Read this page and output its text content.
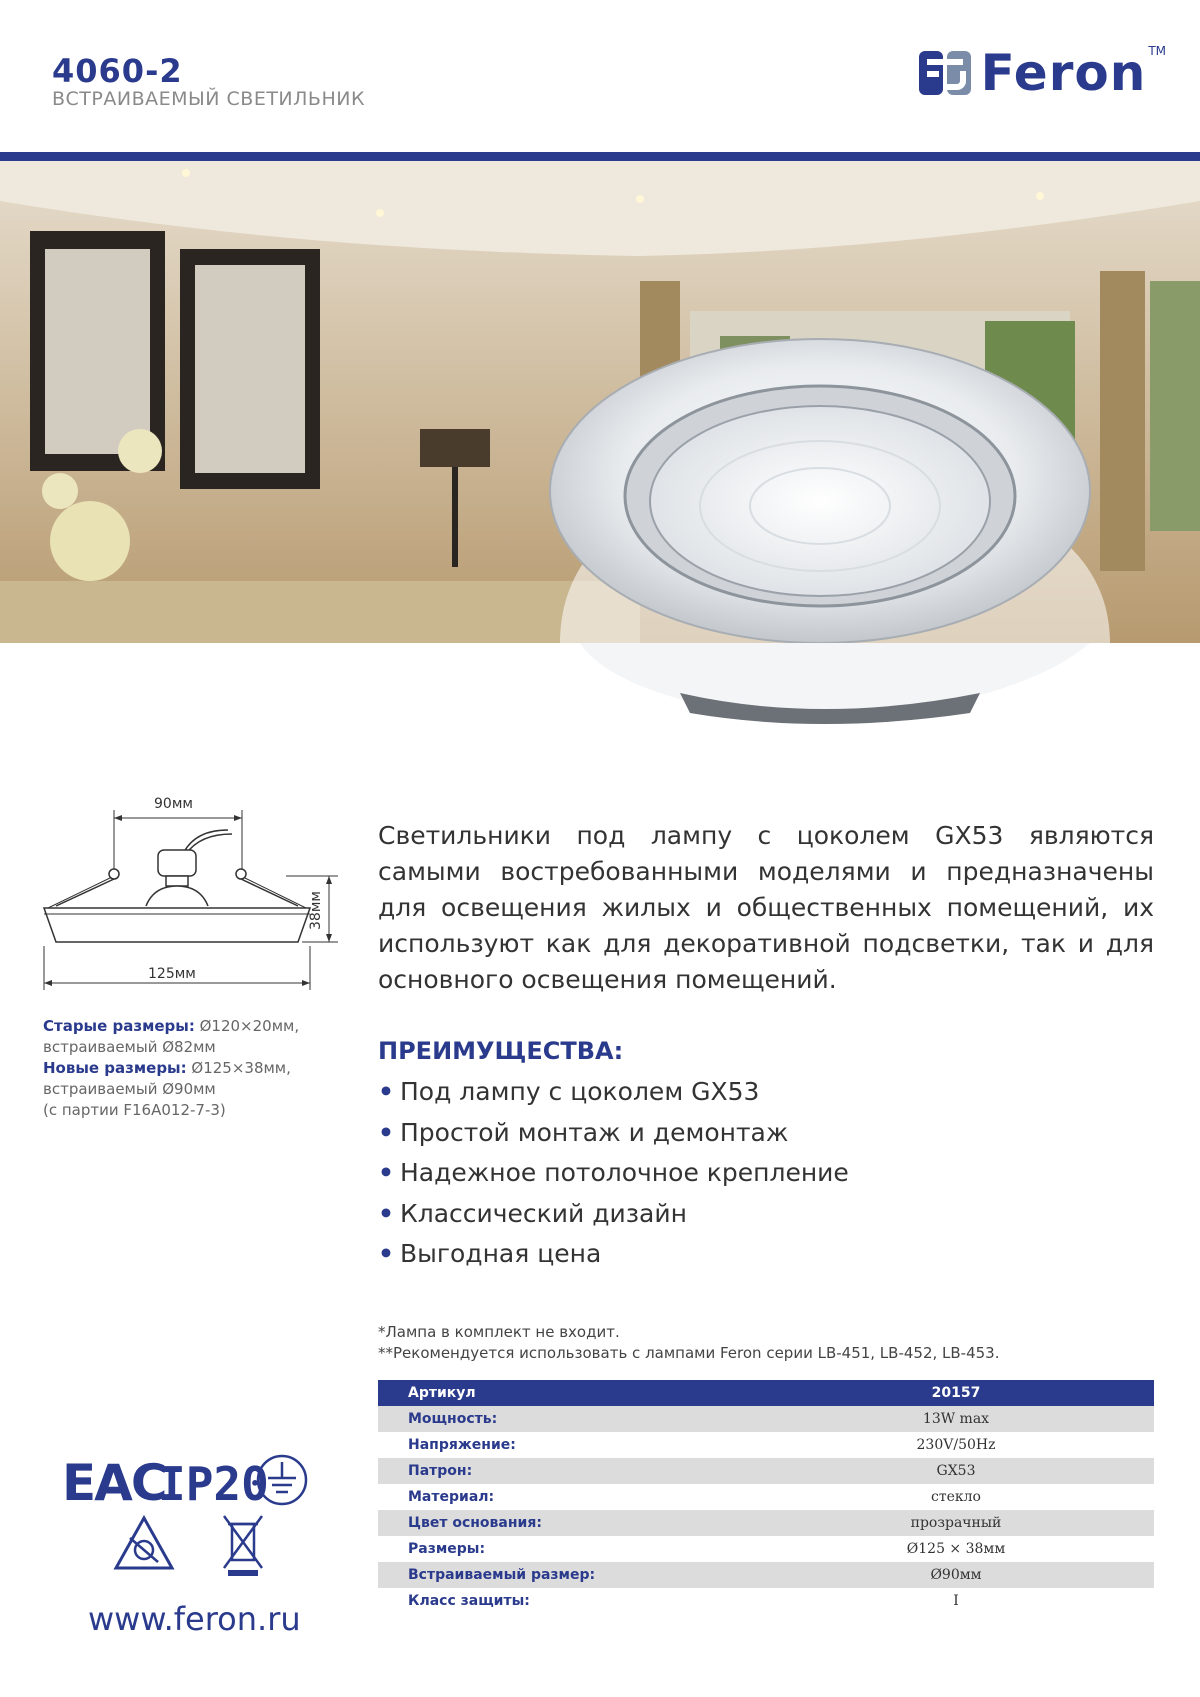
4060-2
ВСТРАИВАЕМЫЙ СВЕТИЛЬНИК	Feron TM
90мм
38мм
125мм
Старые размеры: Ø120×20мм,
встраиваемый Ø82мм
Новые размеры: Ø125×38мм,
встраиваемый Ø90мм
(с партии F16A012-7-3)
Светильники под лампу с цоколем GX53 являются самыми востребованными моделями и предназначены для освещения жилых и общественных помещений, их используют как для декоративной подсветки, так и для основного освещения помещений.
ПРЕИМУЩЕСТВА:
• Под лампу с цоколем GX53
• Простой монтаж и демонтаж
• Надежное потолочное крепление
• Классический дизайн
• Выгодная цена
*Лампа в комплект не входит.
**Рекомендуется использовать с лампами Feron серии LB-451, LB-452, LB-453.
Артикул	20157
Мощность:	13W max
Напряжение:	230V/50Hz
Патрон:	GX53
Материал:	стекло
Цвет основания:	прозрачный
Размеры:	Ø125 × 38мм
Встраиваемый размер:	Ø90мм
Класс защиты:	I
ЕАС
IP20
www.feron.ru
